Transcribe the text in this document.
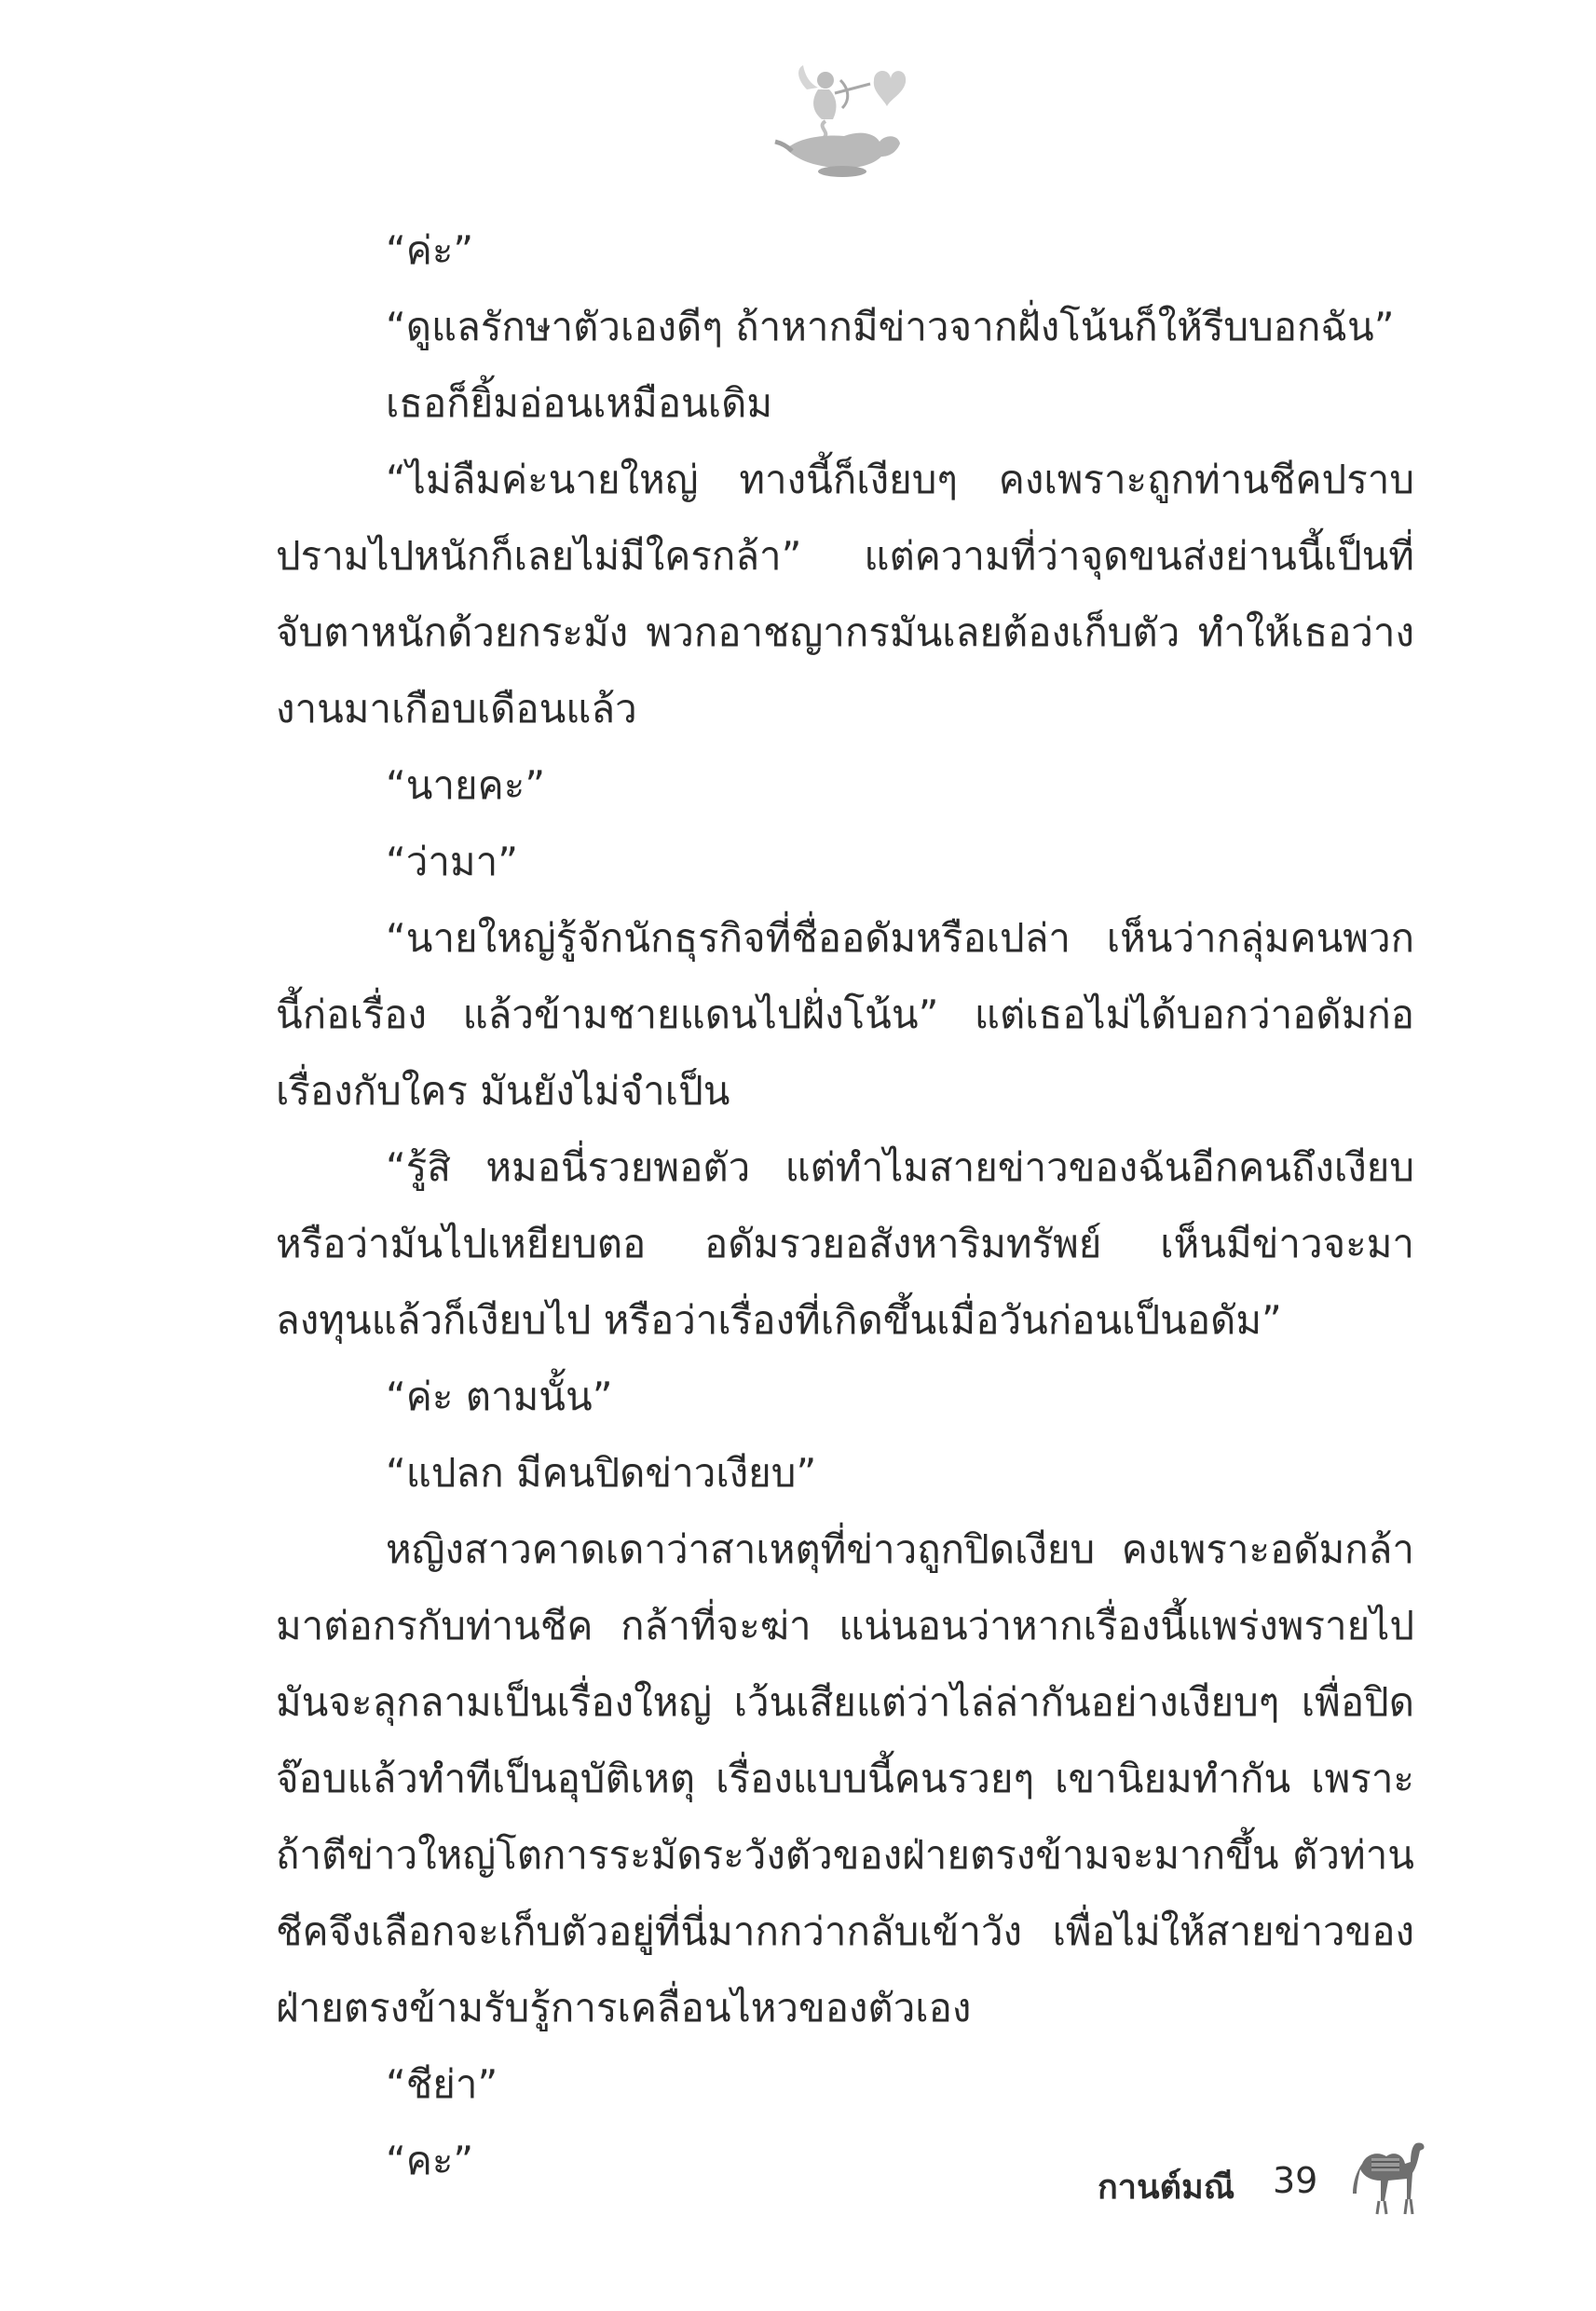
“ค่ะ”

“ดูแลรักษาตัวเองดีๆ ถ้าหากมีข่าวจากฝั่งโน้นก็ให้รีบบอกฉัน”

เธอก็ยิ้มอ่อนเหมือนเดิม

“ไม่ลืมค่ะนายใหญ่ ทางนี้ก็เงียบๆ คงเพราะถูกท่านชีคปราบปรามไปหนักก็เลยไม่มีใครกล้า” แต่ความที่ว่าจุดขนส่งย่านนี้เป็นที่จับตาหนักด้วยกระมัง พวกอาชญากรมันเลยต้องเก็บตัว ทำให้เธอว่างงานมาเกือบเดือนแล้ว

“นายคะ”

“ว่ามา”

“นายใหญ่รู้จักนักธุรกิจที่ชื่ออดัมหรือเปล่า เห็นว่ากลุ่มคนพวกนี้ก่อเรื่อง แล้วข้ามชายแดนไปฝั่งโน้น” แต่เธอไม่ได้บอกว่าอดัมก่อเรื่องกับใคร มันยังไม่จำเป็น

“รู้สิ หมอนี่รวยพอตัว แต่ทำไมสายข่าวของฉันอีกคนถึงเงียบหรือว่ามันไปเหยียบตอ อดัมรวยอสังหาริมทรัพย์ เห็นมีข่าวจะมาลงทุนแล้วก็เงียบไป หรือว่าเรื่องที่เกิดขึ้นเมื่อวันก่อนเป็นอดัม”

“ค่ะ ตามนั้น”

“แปลก มีคนปิดข่าวเงียบ”

หญิงสาวคาดเดาว่าสาเหตุที่ข่าวถูกปิดเงียบ คงเพราะอดัมกล้ามาต่อกรกับท่านชีค กล้าที่จะฆ่า แน่นอนว่าหากเรื่องนี้แพร่งพรายไปมันจะลุกลามเป็นเรื่องใหญ่ เว้นเสียแต่ว่าไล่ล่ากันอย่างเงียบๆ เพื่อปิดจ๊อบแล้วทำทีเป็นอุบัติเหตุ เรื่องแบบนี้คนรวยๆ เขานิยมทำกัน เพราะถ้าตีข่าวใหญ่โตการระมัดระวังตัวของฝ่ายตรงข้ามจะมากขึ้น ตัวท่านชีคจึงเลือกจะเก็บตัวอยู่ที่นี่มากกว่ากลับเข้าวัง เพื่อไม่ให้สายข่าวของฝ่ายตรงข้ามรับรู้การเคลื่อนไหวของตัวเอง

“ชีย่า”

“คะ”

กานต์มณี 39
